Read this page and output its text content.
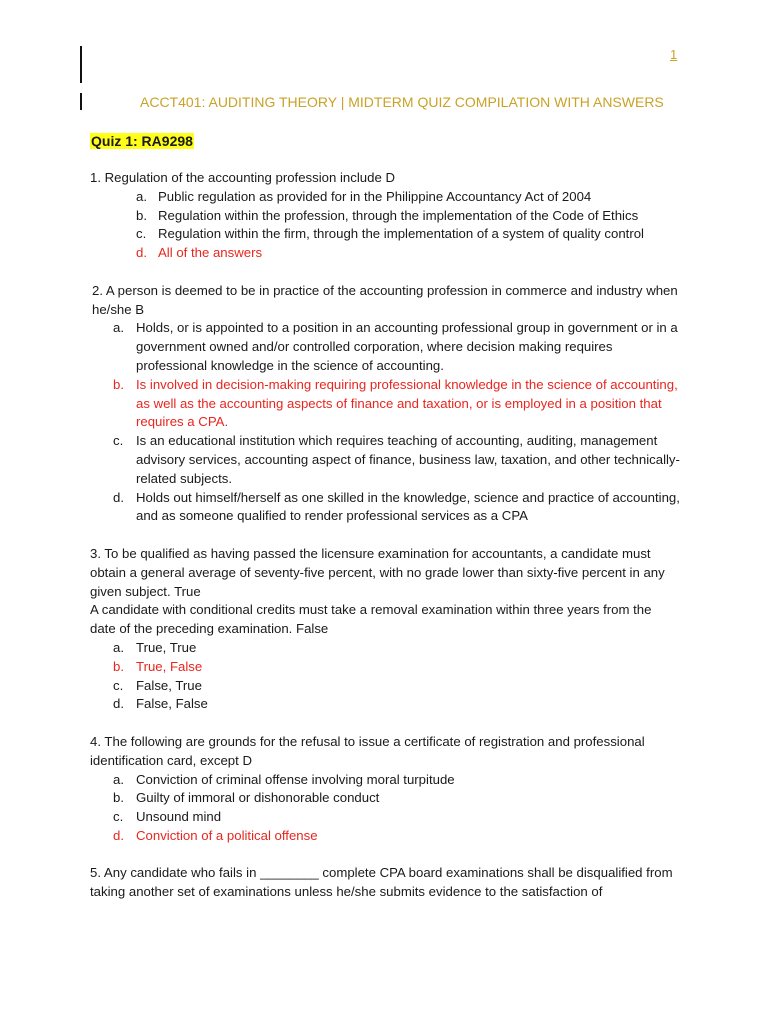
1
ACCT401: AUDITING THEORY | MIDTERM QUIZ COMPILATION WITH ANSWERS
Quiz 1: RA9298

1. Regulation of the accounting profession include D

a. Public regulation as provided for in the Philippine Accountancy Act of 2004
b. Regulation within the profession, through the implementation of the Code of Ethics
c. Regulation within the firm, through the implementation of a system of quality control
d. All of the answers

2. A person is deemed to be in practice of the accounting profession in commerce and industry when he/she B

a. Holds, or is appointed to a position in an accounting professional group in government or in a government owned and/or controlled corporation, where decision making requires professional knowledge in the science of accounting.
b. Is involved in decision-making requiring professional knowledge in the science of accounting, as well as the accounting aspects of finance and taxation, or is employed in a position that requires a CPA.
c. Is an educational institution which requires teaching of accounting, auditing, management advisory services, accounting aspect of finance, business law, taxation, and other technically-related subjects.
d. Holds out himself/herself as one skilled in the knowledge, science and practice of accounting, and as someone qualified to render professional services as a CPA

3. To be qualified as having passed the licensure examination for accountants, a candidate must obtain a general average of seventy-five percent, with no grade lower than sixty-five percent in any given subject. True

A candidate with conditional credits must take a removal examination within three years from the date of the preceding examination. False

a. True, True
b. True, False
c. False, True
d. False, False

4. The following are grounds for the refusal to issue a certificate of registration and professional identification card, except D

a. Conviction of criminal offense involving moral turpitude
b. Guilty of immoral or dishonorable conduct
c. Unsound mind
d. Conviction of a political offense

5. Any candidate who fails in ________ complete CPA board examinations shall be disqualified from taking another set of examinations unless he/she submits evidence to the satisfaction of
